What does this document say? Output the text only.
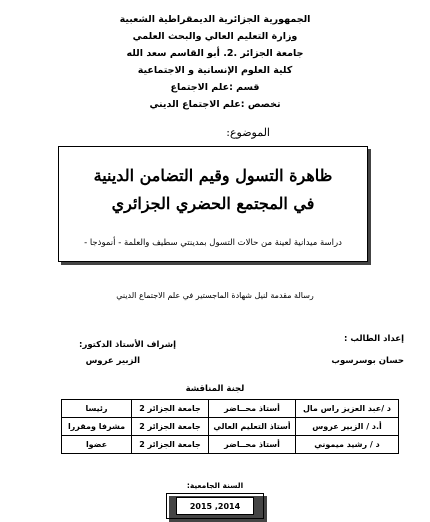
الجمهورية الجزائرية الديمقراطية الشعبية
وزارة التعليم العالي والبحث العلمي
جامعة الجزائر .2. أبو القاسم سعد الله
كلية العلوم الإنسانية و الاجتماعية
قسم :علم الاجتماع
تخصص :علم الاجتماع الديني
الموضوع:
ظاهرة التسول وقيم التضامن الدينية
في المجتمع الحضري الجزائري
دراسة ميدانية لعينة من حالات التسول بمدينتي سطيف والعلمة - أنموذجا -
رسالة مقدمة لنيل شهادة الماجستير في علم الاجتماع الديني
إعداد الطالب :
حسان بوسرسوب
إشراف الأستاذ الدكتور:
الزبير عروس
لجنة المناقشة
د /عبد العزيز راس مال	أستاذ محــاضر	جامعة الجزائر 2	رئيسا
أ.د / الزبير عروس	أستاذ التعليم العالي	جامعة الجزائر 2	مشرفا ومقررا
د / رشيد ميموني	أستاذ محــاضر	جامعة الجزائر 2	عضوا
السنة الجامعية:
2015 ,2014
